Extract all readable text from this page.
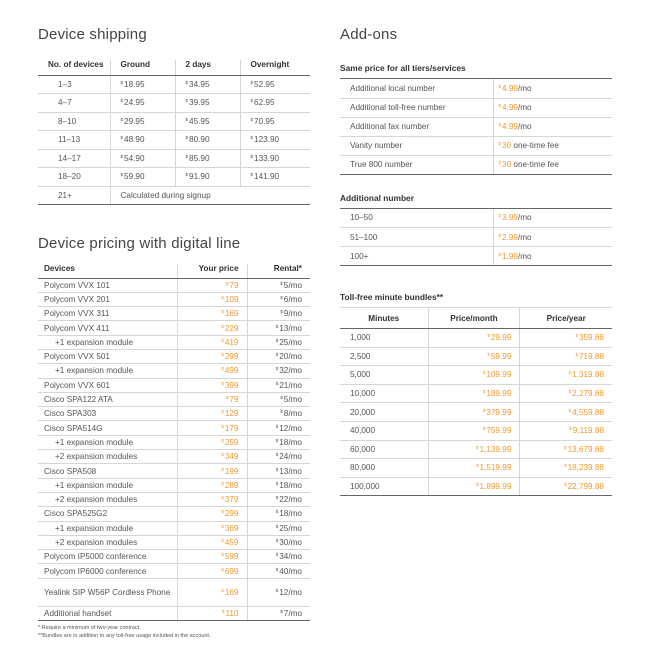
Device shipping
No. of devices	Ground	2 days	Overnight
1–3	$18.95	$34.95	$52.95
4–7	$24.95	$39.95	$62.95
8–10	$29.95	$45.95	$70.95
11–13	$48.90	$80.90	$123.90
14–17	$54.90	$85.90	$133.90
18–20	$59.90	$91.90	$141.90
21+	Calculated during signup		
Device pricing with digital line
Devices	Your price	Rental*
Polycom VVX 101	$79	$5/mo
Polycom VVX 201	$109	$6/mo
Polycom VVX 311	$169	$9/mo
Polycom VVX 411	$229	$13/mo
+1 expansion module	$419	$25/mo
Polycom VVX 501	$299	$20/mo
+1 expansion module	$499	$32/mo
Polycom VVX 601	$399	$21/mo
Cisco SPA122 ATA	$79	$5/mo
Cisco SPA303	$129	$8/mo
Cisco SPA514G	$179	$12/mo
+1 expansion module	$259	$18/mo
+2 expansion modules	$349	$24/mo
Cisco SPA508	$199	$13/mo
+1 expansion module	$289	$18/mo
+2 expansion modules	$379	$22/mo
Cisco SPA525G2	$299	$18/mo
+1 expansion module	$369	$25/mo
+2 expansion modules	$459	$30/mo
Polycom IP5000 conference	$599	$34/mo
Polycom IP6000 conference	$699	$40/mo
Yealink SIP W56P Cordless Phone	$169	$12/mo
Additional handset	$110	$7/mo
* Require a minimum of two-year contract.
**Bundles are in addition to any toll-free usage included in the account.
Add-ons
Same price for all tiers/services
Additional local number	$4.99/mo
Additional toll-free number	$4.99/mo
Additional fax number	$4.99/mo
Vanity number	$30 one-time fee
True 800 number	$30 one-time fee
Additional number
10–50	$3.99/mo
51–100	$2.99/mo
100+	$1.99/mo
Toll-free minute bundles**
Minutes	Price/month	Price/year
1,000	$29.99	$359.88
2,500	$59.99	$719.88
5,000	$109.99	$1,319.88
10,000	$189.99	$2,279.88
20,000	$379.99	$4,559.88
40,000	$759.99	$9,119.88
60,000	$1,139.99	$13,679.88
80,000	$1,519.99	$18,239.88
100,000	$1,899.99	$22,799.88
